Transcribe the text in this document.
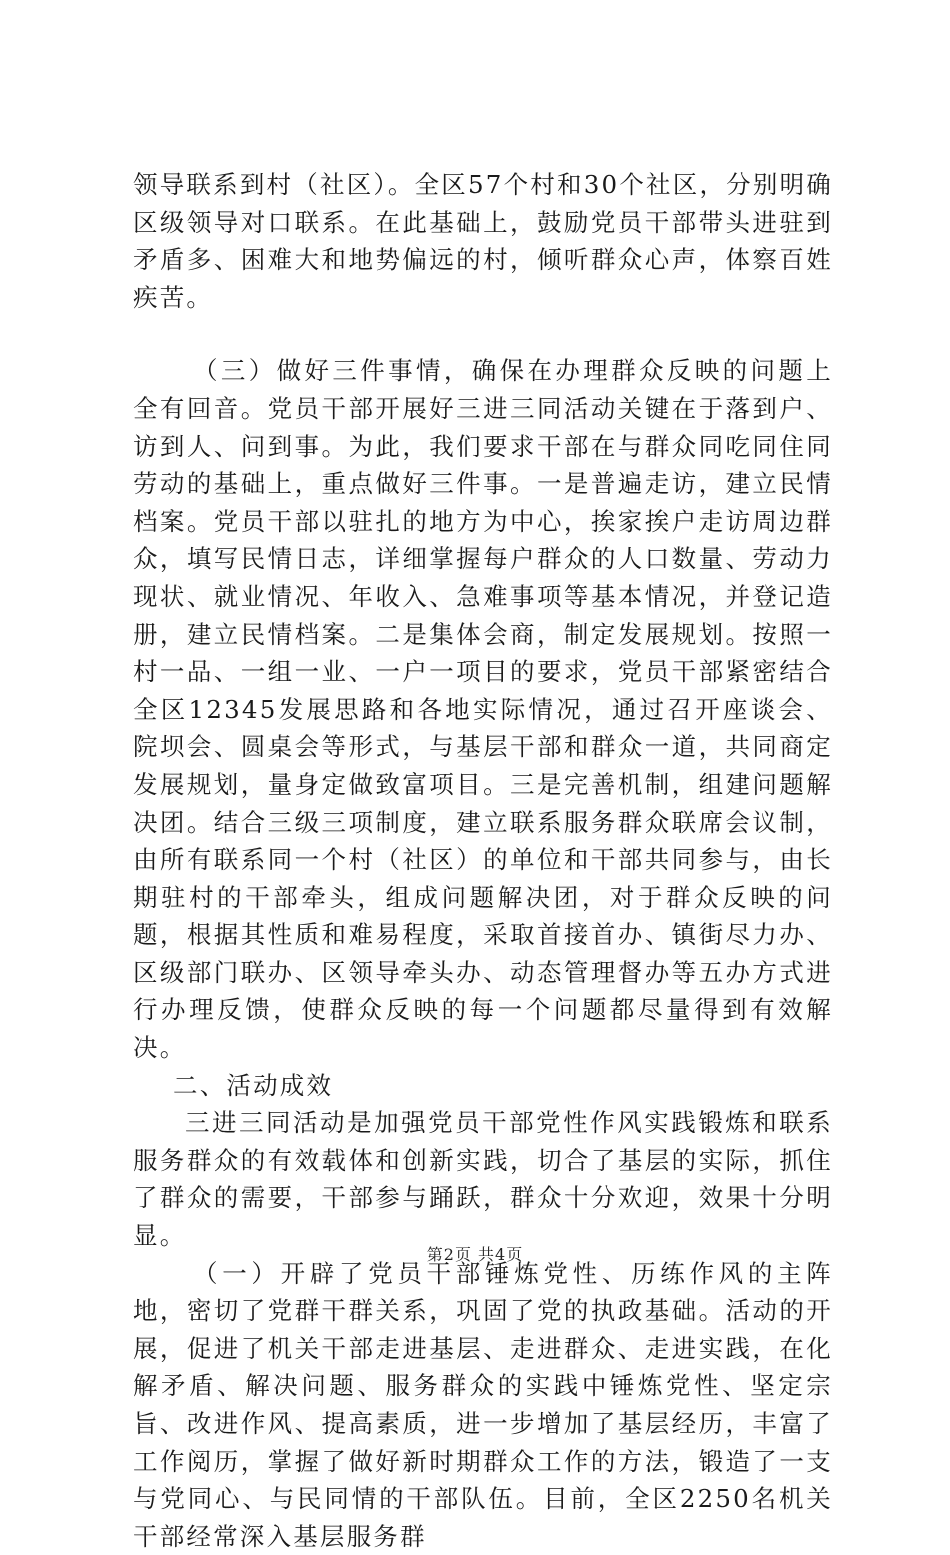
领导联系到村（社区）。全区57个村和30个社区，分别明确区级领导对口联系。在此基础上，鼓励党员干部带头进驻到矛盾多、困难大和地势偏远的村，倾听群众心声，体察百姓疾苦。

（三）做好三件事情，确保在办理群众反映的问题上全有回音。党员干部开展好三进三同活动关键在于落到户、访到人、问到事。为此，我们要求干部在与群众同吃同住同劳动的基础上，重点做好三件事。一是普遍走访，建立民情档案。党员干部以驻扎的地方为中心，挨家挨户走访周边群众，填写民情日志，详细掌握每户群众的人口数量、劳动力现状、就业情况、年收入、急难事项等基本情况，并登记造册，建立民情档案。二是集体会商，制定发展规划。按照一村一品、一组一业、一户一项目的要求，党员干部紧密结合全区12345发展思路和各地实际情况，通过召开座谈会、院坝会、圆桌会等形式，与基层干部和群众一道，共同商定发展规划，量身定做致富项目。三是完善机制，组建问题解决团。结合三级三项制度，建立联系服务群众联席会议制，由所有联系同一个村（社区）的单位和干部共同参与，由长期驻村的干部牵头，组成问题解决团，对于群众反映的问题，根据其性质和难易程度，采取首接首办、镇街尽力办、区级部门联办、区领导牵头办、动态管理督办等五办方式进行办理反馈，使群众反映的每一个问题都尽量得到有效解决。

二、活动成效

三进三同活动是加强党员干部党性作风实践锻炼和联系服务群众的有效载体和创新实践，切合了基层的实际，抓住了群众的需要，干部参与踊跃，群众十分欢迎，效果十分明显。

（一）开辟了党员干部锤炼党性、历练作风的主阵地，密切了党群干群关系，巩固了党的执政基础。活动的开展，促进了机关干部走进基层、走进群众、走进实践，在化解矛盾、解决问题、服务群众的实践中锤炼党性、坚定宗旨、改进作风、提高素质，进一步增加了基层经历，丰富了工作阅历，掌握了做好新时期群众工作的方法，锻造了一支与党同心、与民同情的干部队伍。目前，全区2250名机关干部经常深入基层服务群

第2页 共4页
